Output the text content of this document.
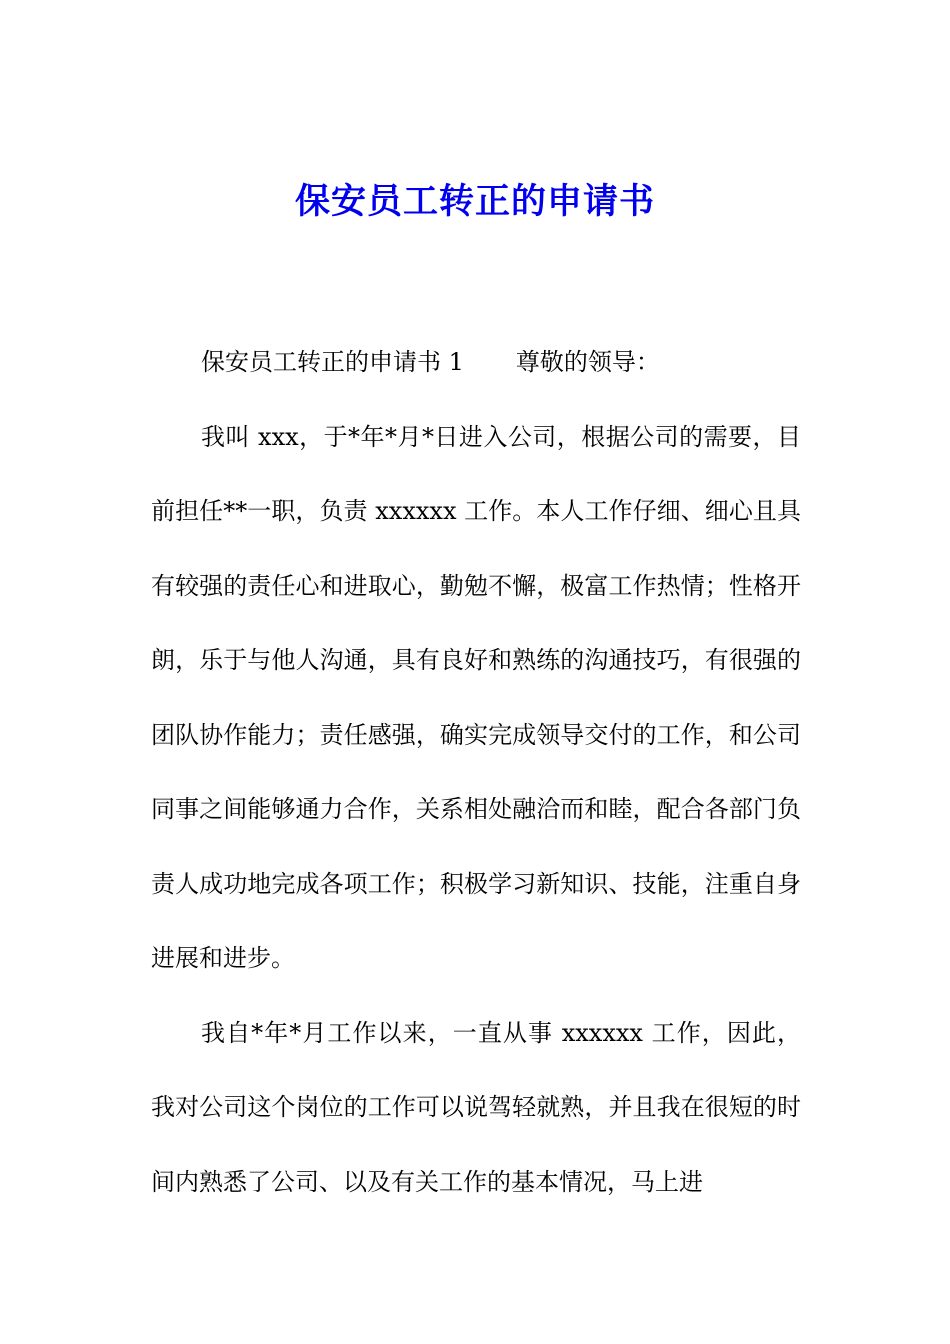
保安员工转正的申请书

保安员工转正的申请书 1 尊敬的领导：

我叫 xxx，于*年*月*日进入公司，根据公司的需要，目前担任**一职，负责 xxxxxx 工作。本人工作仔细、细心且具有较强的责任心和进取心，勤勉不懈，极富工作热情；性格开朗，乐于与他人沟通，具有良好和熟练的沟通技巧，有很强的团队协作能力；责任感强，确实完成领导交付的工作，和公司同事之间能够通力合作，关系相处融洽而和睦，配合各部门负责人成功地完成各项工作；积极学习新知识、技能，注重自身进展和进步。

我自*年*月工作以来，一直从事 xxxxxx 工作，因此，我对公司这个岗位的工作可以说驾轻就熟，并且我在很短的时间内熟悉了公司、以及有关工作的基本情况，马上进
